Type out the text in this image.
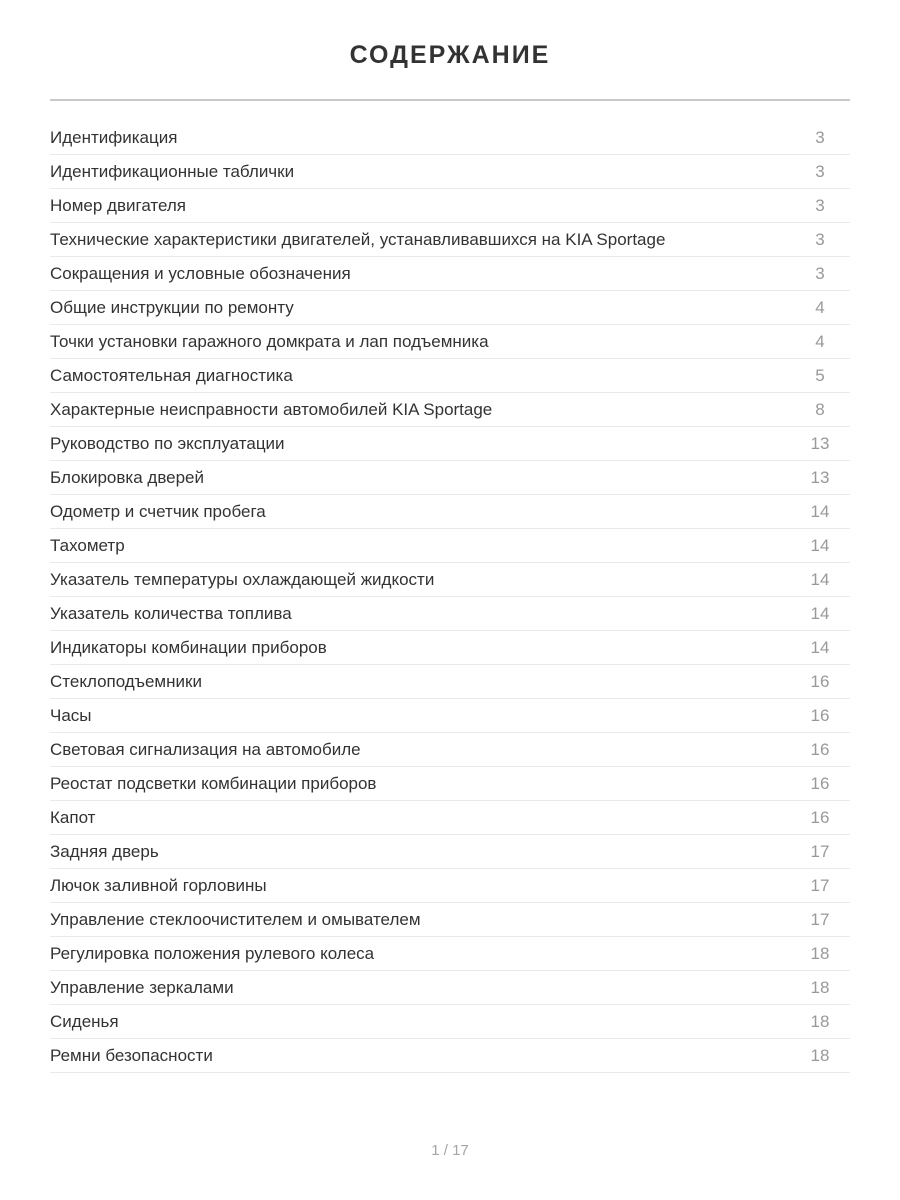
СОДЕРЖАНИЕ
Идентификация	3
Идентификационные таблички	3
Номер двигателя	3
Технические характеристики двигателей, устанавливавшихся на KIA Sportage	3
Сокращения и условные обозначения	3
Общие инструкции по ремонту	4
Точки установки гаражного домкрата и лап подъемника	4
Самостоятельная диагностика	5
Характерные неисправности автомобилей KIA Sportage	8
Руководство по эксплуатации	13
Блокировка дверей	13
Одометр и счетчик пробега	14
Тахометр	14
Указатель температуры охлаждающей жидкости	14
Указатель количества топлива	14
Индикаторы комбинации приборов	14
Стеклоподъемники	16
Часы	16
Световая сигнализация на автомобиле	16
Реостат подсветки комбинации приборов	16
Капот	16
Задняя дверь	17
Лючок заливной горловины	17
Управление стеклоочистителем и омывателем	17
Регулировка положения рулевого колеса	18
Управление зеркалами	18
Сиденья	18
Ремни безопасности	18
1 / 17
